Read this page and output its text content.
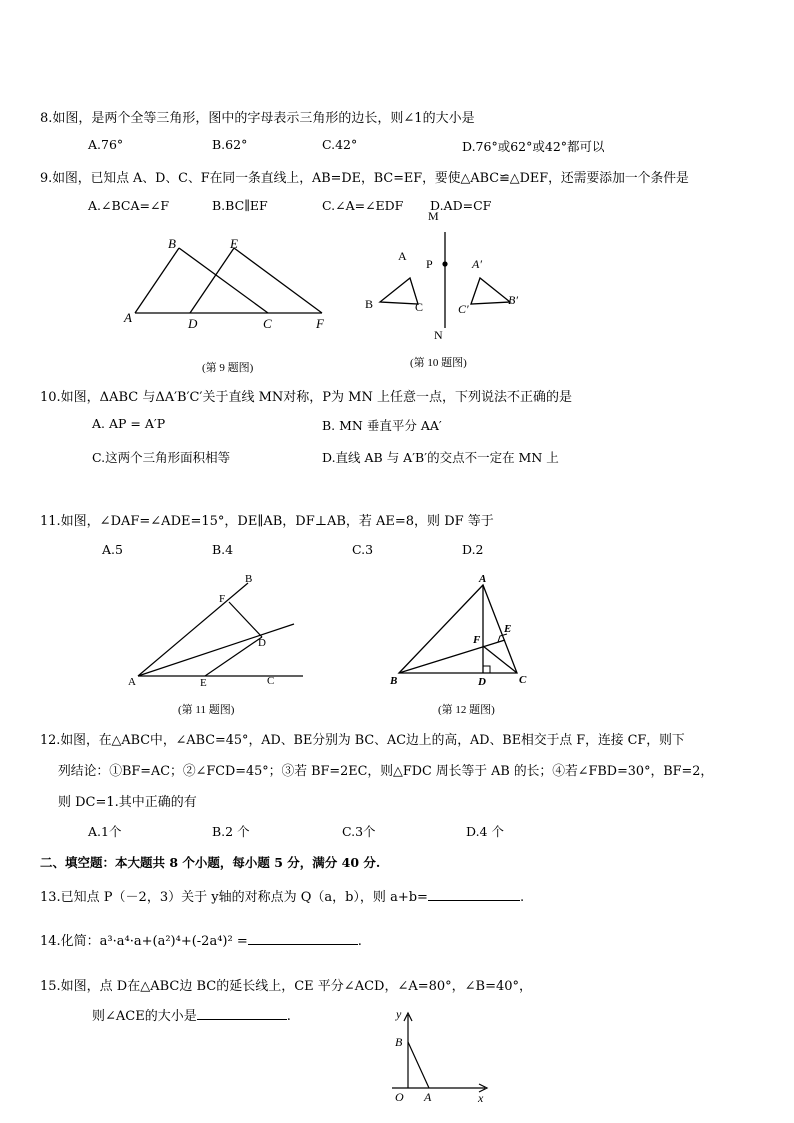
8.如图，是两个全等三角形，图中的字母表示三角形的边长，则∠1的大小是
A.76°	B.62°	C.42°	D.76°或62°或42°都可以
9.如图，已知点 A、D、C、F在同一条直线上，AB=DE，BC=EF，要使△ABC≌△DEF，还需要添加一个条件是
A.∠BCA=∠F	B.BC∥EF	C.∠A=∠EDF D.AD=CF
B	E
A	D	C	F
(第 9 题图)
M
N
P
A
B	C
A′
B′
C′
(第 10 题图)
B
F
D
A	E	C
(第 11 题图)
A
B	C
D
E
F
(第 12 题图)
y
B
O A	x
10.如图，ΔABC 与ΔA′B′C′关于直线 MN对称，P为 MN 上任意一点，下列说法不正确的是
A. AP = A′P	B. MN 垂直平分 AA′
C.这两个三角形面积相等	D.直线 AB 与 A′B′的交点不一定在 MN 上
11.如图，∠DAF=∠ADE=15°，DE∥AB，DF⊥AB，若 AE=8，则 DF 等于
A.5	B.4	C.3	D.2
12.如图，在△ABC中，∠ABC=45°，AD、BE分别为 BC、AC边上的高，AD、BE相交于点 F，连接 CF，则下
列结论：①BF=AC；②∠FCD=45°；③若 BF=2EC，则△FDC 周长等于 AB 的长；④若∠FBD=30°，BF=2，
则 DC=1.其中正确的有
A.1个	B.2 个	C.3个	D.4 个
二、填空题：本大题共 8 个小题，每小题 5 分，满分 40 分.
13.已知点 P（－2，3）关于 y轴的对称点为 Q（a，b），则 a+b=	.
14.化简：a³·a⁴·a+(a²)⁴+(-2a⁴)² =	.
15.如图，点 D在△ABC边 BC的延长线上，CE 平分∠ACD，∠A=80°，∠B=40°，
则∠ACE的大小是	.
